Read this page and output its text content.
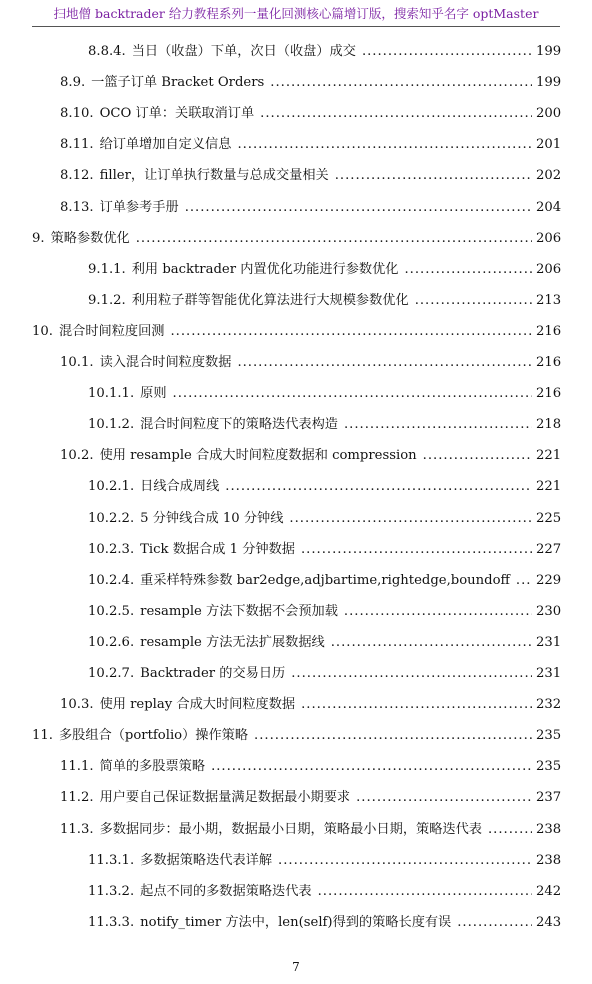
扫地僧 backtrader 给力教程系列一量化回测核心篇增订版，搜索知乎名字 optMaster
8.8.4. 当日（收盘）下单，次日（收盘）成交 . . .	199
8.9. 一篮子订单 Bracket Orders . . .	199
8.10. OCO 订单：关联取消订单 . . .	200
8.11. 给订单增加自定义信息 . . .	201
8.12. filler，让订单执行数量与总成交量相关 . . .	202
8.13. 订单参考手册 . . .	204
9. 策略参数优化 . . .	206
9.1.1. 利用 backtrader 内置优化功能进行参数优化 . . .	206
9.1.2. 利用粒子群等智能优化算法进行大规模参数优化 . . .	213
10. 混合时间粒度回测 . . .	216
10.1. 读入混合时间粒度数据 . . .	216
10.1.1. 原则 . . .	216
10.1.2. 混合时间粒度下的策略迭代表构造 . . .	218
10.2. 使用 resample 合成大时间粒度数据和 compression . . .	221
10.2.1. 日线合成周线 . . .	221
10.2.2. 5 分钟线合成 10 分钟线 . . .	225
10.2.3. Tick 数据合成 1 分钟数据 . . .	227
10.2.4. 重采样特殊参数 bar2edge,adjbartime,rightedge,boundoff . . . 229
10.2.5. resample 方法下数据不会预加载 . . .	230
10.2.6. resample 方法无法扩展数据线 . . .	231
10.2.7. Backtrader 的交易日历 . . .	231
10.3. 使用 replay 合成大时间粒度数据 . . .	232
11. 多股组合（portfolio）操作策略 . . .	235
11.1. 简单的多股票策略 . . .	235
11.2. 用户要自己保证数据量满足数据最小期要求 . . .	237
11.3. 多数据同步：最小期，数据最小日期，策略最小日期，策略迭代表 . . .	238
11.3.1. 多数据策略迭代表详解 . . .	238
11.3.2. 起点不同的多数据策略迭代表 . . .	242
11.3.3. notify_timer 方法中，len(self)得到的策略长度有误 . . .	243
7
